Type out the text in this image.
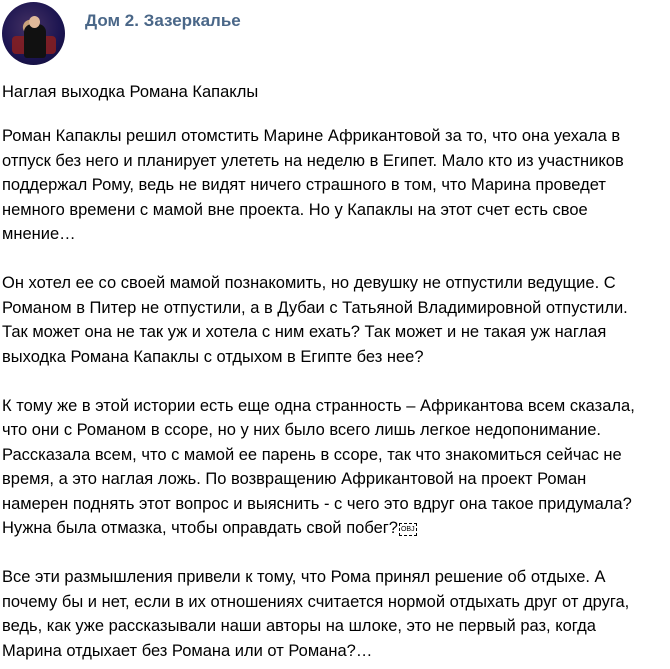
Дом 2. Зазеркалье
Наглая выходка Романа Капаклы
Роман Капаклы решил отомстить Марине Африкантовой за то, что она уехала в
отпуск без него и планирует улететь на неделю в Египет. Мало кто из участников
поддержал Рому, ведь не видят ничего страшного в том, что Марина проведет
немного времени с мамой вне проекта. Но у Капаклы на этот счет есть свое
мнение…
Он хотел ее со своей мамой познакомить, но девушку не отпустили ведущие. С
Романом в Питер не отпустили, а в Дубаи с Татьяной Владимировной отпустили.
Так может она не так уж и хотела с ним ехать? Так может и не такая уж наглая
выходка Романа Капаклы с отдыхом в Египте без нее?
К тому же в этой истории есть еще одна странность – Африкантова всем сказала,
что они с Романом в ссоре, но у них было всего лишь легкое недопонимание.
Рассказала всем, что с мамой ее парень в ссоре, так что знакомиться сейчас не
время, а это наглая ложь. По возвращению Африкантовой на проект Роман
намерен поднять этот вопрос и выяснить - с чего это вдруг она такое придумала?
Нужна была отмазка, чтобы оправдать свой побег? OBJ
Все эти размышления привели к тому, что Рома принял решение об отдыхе. А
почему бы и нет, если в их отношениях считается нормой отдыхать друг от друга,
ведь, как уже рассказывали наши авторы на шлоке, это не первый раз, когда
Марина отдыхает без Романа или от Романа?…
